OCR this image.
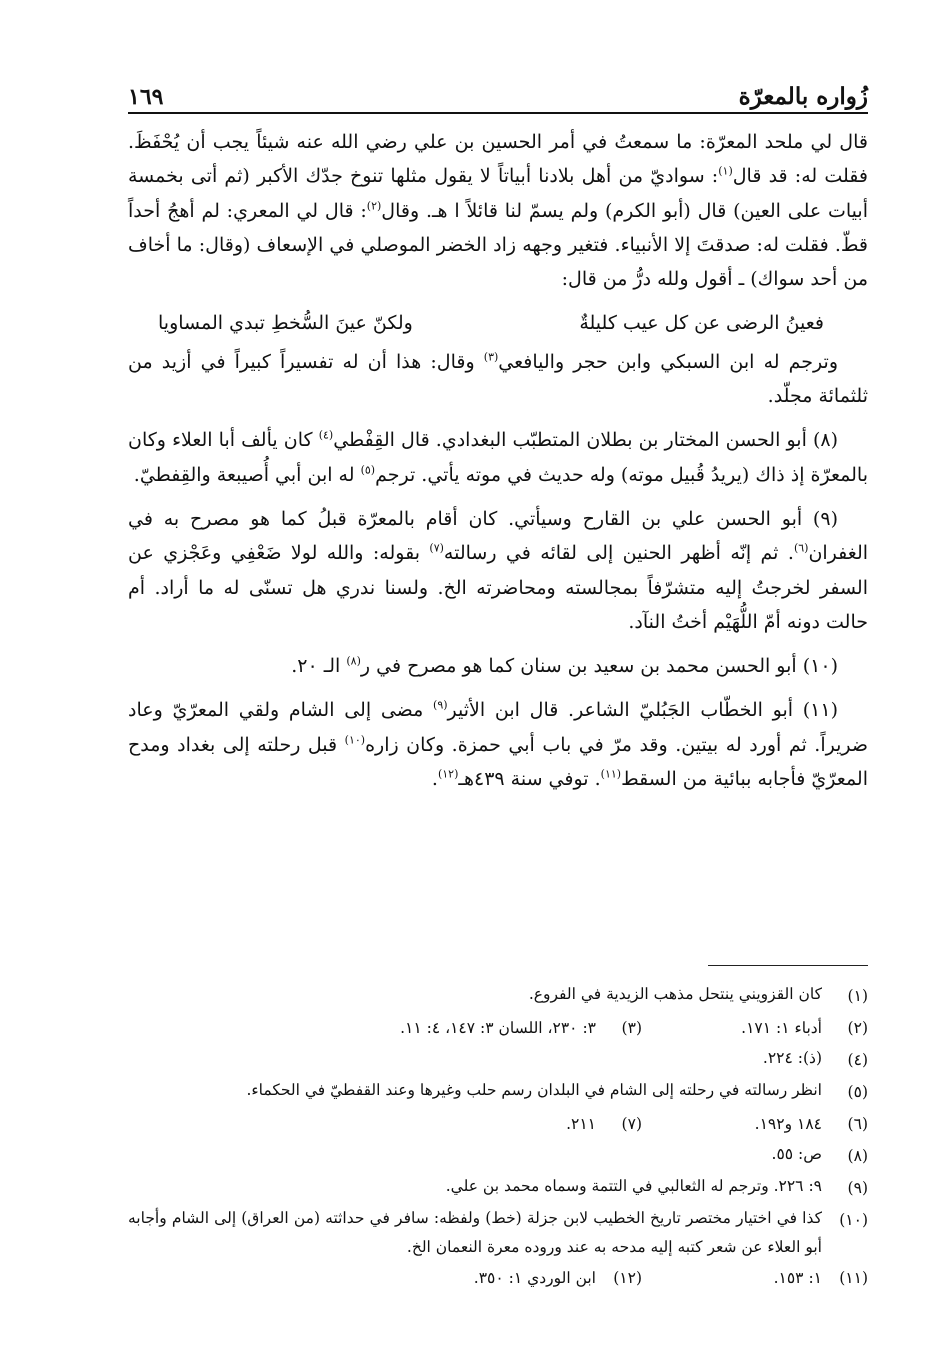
زُواره بالمعرّة
١٦٩

قال لي ملحد المعرّة: ما سمعتُ في أمر الحسين بن علي رضي الله عنه شيئاً يجب أن يُحْفَظَ. فقلت له: قد قال$^{(١)}$: سواديّ من أهل بلادنا أبياتاً لا يقول مثلها تنوخ جدّك الأكبر (ثم أتى بخمسة أبيات على العين) قال (أبو الكرم) ولم يسمّ لنا قائلاً ا هـ. وقال$^{(٢)}$: قال لي المعري: لم أهجُ أحداً قطّ. فقلت له: صدقتَ إلا الأنبياء. فتغير وجهه زاد الخضر الموصلي في الإسعاف (وقال: ما أخاف من أحد سواك) ـ أقول ولله درُّ من قال:

فعينُ الرضى عن كل عيب كليلةٌ
ولكنّ عينَ السُّخطِ تبدي المساويا

وترجم له ابن السبكي وابن حجر واليافعي$^{(٣)}$ وقال: هذا أن له تفسيراً كبيراً في أزيد من ثلثمائة مجلّد.

(٨) أبو الحسن المختار بن بطلان المتطبّب البغدادي. قال القِفْطي$^{(٤)}$ كان يألف أبا العلاء وكان بالمعرّة إذ ذاك (يريدُ قُبيل موته) وله حديث في موته يأتي. ترجم$^{(٥)}$ له ابن أبي أُصيبعة والقِفطيّ.

(٩) أبو الحسن علي بن القارح وسيأتي. كان أقام بالمعرّة قبلُ كما هو مصرح به في الغفران$^{(٦)}$. ثم إنّه أظهر الحنين إلى لقائه في رسالته$^{(٧)}$ بقوله: والله لولا ضَعْفِي وعَجْزي عن السفر لخرجتُ إليه متشرّفاً بمجالسته ومحاضرته الخ. ولسنا ندري هل تسنّى له ما أراد. أم حالت دونه أمّ اللُّهَيْم أختُ النآد.

(١٠) أبو الحسن محمد بن سعيد بن سنان كما هو مصرح في ر$^{(٨)}$ الـ ٢٠.

(١١) أبو الخطّاب الجَبُليّ الشاعر. قال ابن الأثير$^{(٩)}$ مضى إلى الشام ولقي المعرّيّ وعاد ضريراً. ثم أورد له بيتين. وقد مرّ في باب أبي حمزة. وكان زاره$^{(١٠)}$ قبل رحلته إلى بغداد ومدح المعرّيّ فأجابه ببائية من السقط$^{(١١)}$. توفي سنة ٤٣٩هـ$^{(١٢)}$.

(١)
كان القزويني ينتحل مذهب الزيدية في الفروع.
(٢)
أدباء ١: ١٧١.
(٣)
٣: ٢٣٠، اللسان ٣: ١٤٧، ٤: ١١.
(٤)
(ذ): ٢٢٤.
(٥)
انظر رسالته في رحلته إلى الشام في البلدان رسم حلب وغيرها وعند القفطيّ في الحكماء.
(٦)
١٨٤ و١٩٢.
(٧)
٢١١.
(٨)
ص: ٥٥.
(٩)
٩: ٢٢٦. وترجم له الثعالبي في التتمة وسماه محمد بن علي.
(١٠)
كذا في اختيار مختصر تاريخ الخطيب لابن جزلة (خط) ولفظه: سافر في حداثته (من العراق) إلى الشام وأجابه أبو العلاء عن شعر كتبه إليه مدحه به عند وروده معرة النعمان الخ.
(١١)
١: ١٥٣.
(١٢)
ابن الوردي ١: ٣٥٠.
